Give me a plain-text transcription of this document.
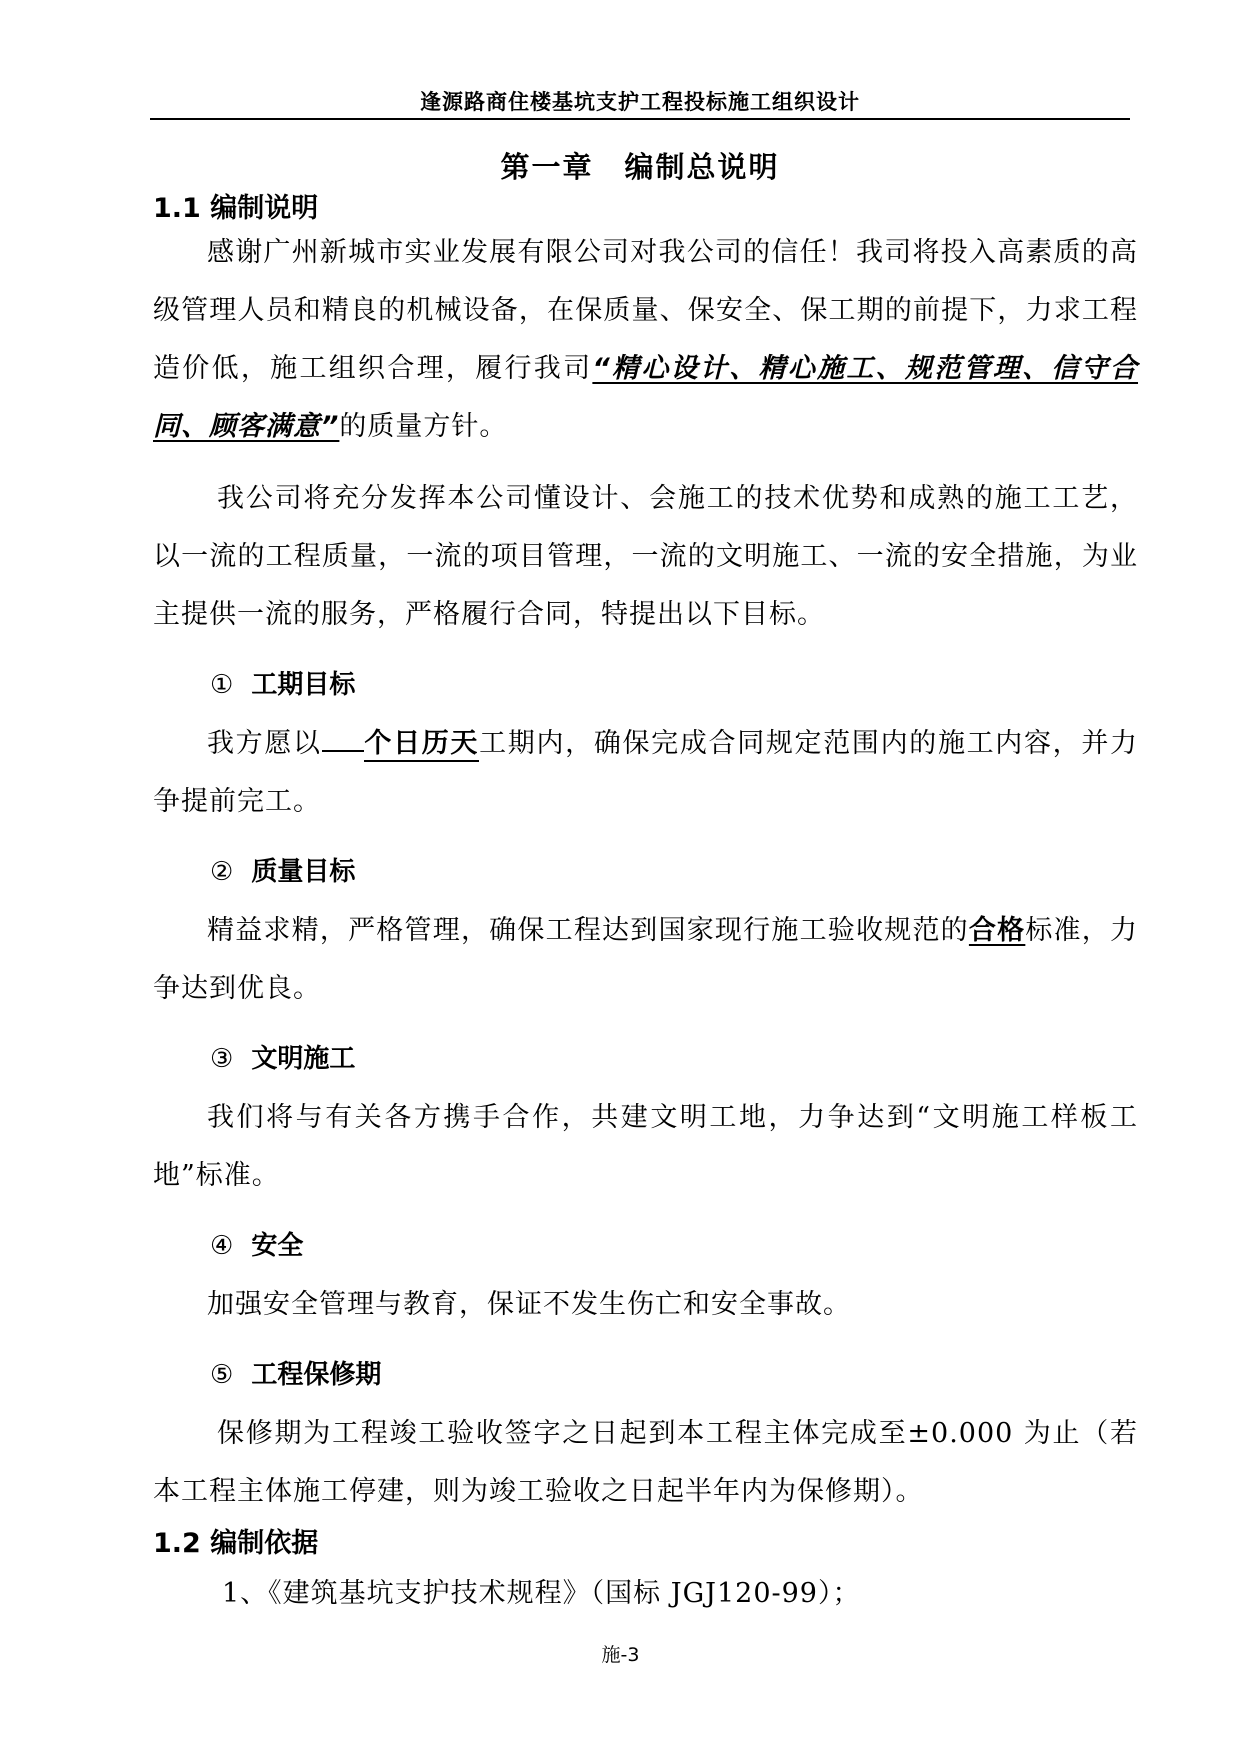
逢源路商住楼基坑支护工程投标施工组织设计
第一章　编制总说明
1.1 编制说明
感谢广州新城市实业发展有限公司对我公司的信任！我司将投入高素质的高级管理人员和精良的机械设备，在保质量、保安全、保工期的前提下，力求工程造价低，施工组织合理，履行我司“精心设计、精心施工、规范管理、信守合同、顾客满意”的质量方针。
我公司将充分发挥本公司懂设计、会施工的技术优势和成熟的施工工艺，以一流的工程质量，一流的项目管理，一流的文明施工、一流的安全措施，为业主提供一流的服务，严格履行合同，特提出以下目标。
① 工期目标
我方愿以 个日历天工期内，确保完成合同规定范围内的施工内容，并力争提前完工。
② 质量目标
精益求精，严格管理，确保工程达到国家现行施工验收规范的合格标准，力争达到优良。
③ 文明施工
我们将与有关各方携手合作，共建文明工地，力争达到“文明施工样板工地”标准。
④ 安全
加强安全管理与教育，保证不发生伤亡和安全事故。
⑤ 工程保修期
保修期为工程竣工验收签字之日起到本工程主体完成至±0.000 为止（若本工程主体施工停建，则为竣工验收之日起半年内为保修期）。
1.2 编制依据
1、《建筑基坑支护技术规程》（国标 JGJ120-99）；
施-3
